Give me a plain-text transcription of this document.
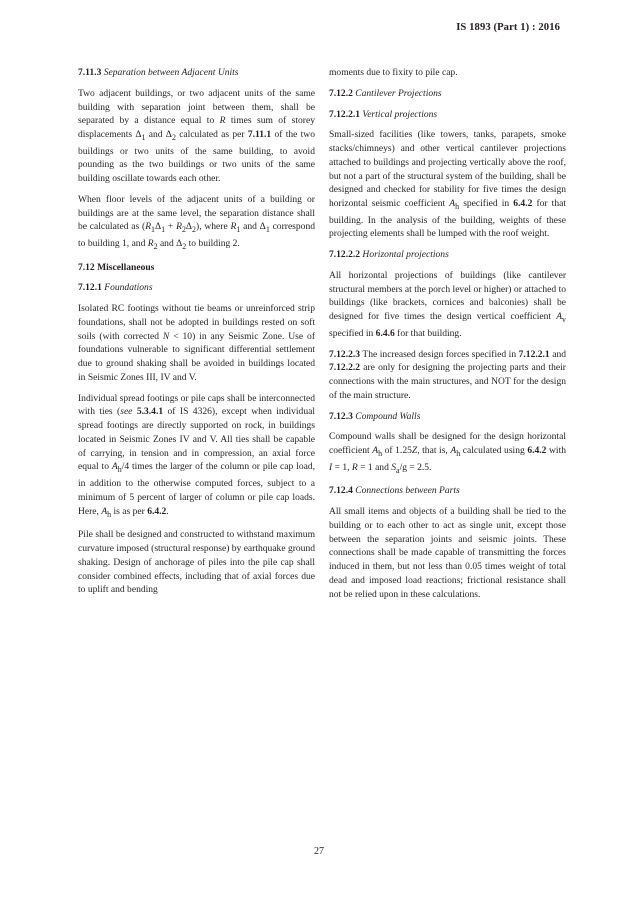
IS 1893 (Part 1) : 2016
7.11.3 Separation between Adjacent Units

Two adjacent buildings, or two adjacent units of the same building with separation joint between them, shall be separated by a distance equal to R times sum of storey displacements $\Delta_1$ and $\Delta_2$ calculated as per 7.11.1 of the two buildings or two units of the same building, to avoid pounding as the two buildings or two units of the same building oscillate towards each other.

When floor levels of the adjacent units of a building or buildings are at the same level, the separation distance shall be calculated as $(R_1\Delta_1 + R_2\Delta_2)$, where $R_1$ and $\Delta_1$ correspond to building 1, and $R_2$ and $\Delta_2$ to building 2.

7.12 Miscellaneous
7.12.1 Foundations

Isolated RC footings without tie beams or unreinforced strip foundations, shall not be adopted in buildings rested on soft soils (with corrected N < 10) in any Seismic Zone. Use of foundations vulnerable to significant differential settlement due to ground shaking shall be avoided in buildings located in Seismic Zones III, IV and V.

Individual spread footings or pile caps shall be interconnected with ties (see 5.3.4.1 of IS 4326), except when individual spread footings are directly supported on rock, in buildings located in Seismic Zones IV and V. All ties shall be capable of carrying, in tension and in compression, an axial force equal to $A_h/4$ times the larger of the column or pile cap load, in addition to the otherwise computed forces, subject to a minimum of 5 percent of larger of column or pile cap loads. Here, $A_h$ is as per 6.4.2.

Pile shall be designed and constructed to withstand maximum curvature imposed (structural response) by earthquake ground shaking. Design of anchorage of piles into the pile cap shall consider combined effects, including that of axial forces due to uplift and bending

moments due to fixity to pile cap.

7.12.2 Cantilever Projections
7.12.2.1 Vertical projections

Small-sized facilities (like towers, tanks, parapets, smoke stacks/chimneys) and other vertical cantilever projections attached to buildings and projecting vertically above the roof, but not a part of the structural system of the building, shall be designed and checked for stability for five times the design horizontal seismic coefficient $A_h$ specified in 6.4.2 for that building. In the analysis of the building, weights of these projecting elements shall be lumped with the roof weight.

7.12.2.2 Horizontal projections

All horizontal projections of buildings (like cantilever structural members at the porch level or higher) or attached to buildings (like brackets, cornices and balconies) shall be designed for five times the design vertical coefficient $A_v$ specified in 6.4.6 for that building.

7.12.2.3 The increased design forces specified in 7.12.2.1 and 7.12.2.2 are only for designing the projecting parts and their connections with the main structures, and NOT for the design of the main structure.

7.12.3 Compound Walls

Compound walls shall be designed for the design horizontal coefficient $A_h$ of 1.25Z, that is, $A_h$ calculated using 6.4.2 with I = 1, R = 1 and $S_a/g = 2.5$.

7.12.4 Connections between Parts

All small items and objects of a building shall be tied to the building or to each other to act as single unit, except those between the separation joints and seismic joints. These connections shall be made capable of transmitting the forces induced in them, but not less than 0.05 times weight of total dead and imposed load reactions; frictional resistance shall not be relied upon in these calculations.

27
